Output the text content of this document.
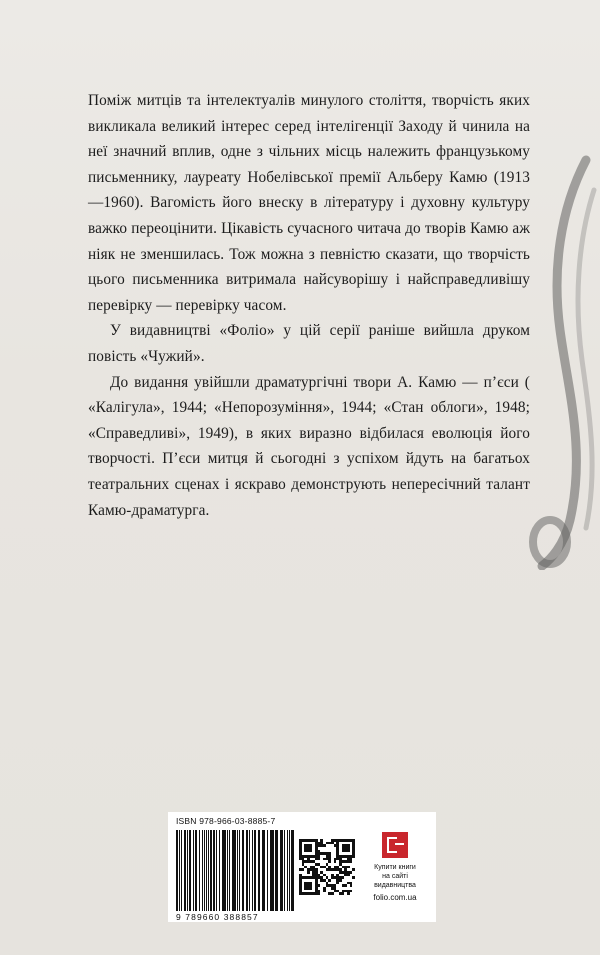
Поміж митців та інтелектуалів минулого століття, творчість яких викликала великий інтерес серед інтелігенції Заходу й чинила на неї значний вплив, одне з чільних місць належить французькому письменнику, лауреату Нобелівської премії Альберу Камю (1913—1960). Вагомість його внеску в літературу і духовну культуру важко переоцінити. Цікавість сучасного читача до творів Камю аж ніяк не зменшилась. Тож можна з певністю сказати, що творчість цього письменника витримала найсуворішу і найсправедливішу перевірку — перевірку часом.

У видавництві «Фоліо» у цій серії раніше вийшла друком повість «Чужий».

До видання увійшли драматургічні твори А. Камю — п’єси ( «Калігула», 1944; «Непорозуміння», 1944; «Стан облоги», 1948; «Справедливі», 1949), в яких виразно відбилася еволюція його творчості. П’єси митця й сьогодні з успіхом йдуть на багатьох театральних сценах і яскраво демонструють непересічний талант Камю-драматурга.

ISBN 978-966-03-8885-7
9 789660 388857
Купити книги
на сайті
видавництва
folio.com.ua
